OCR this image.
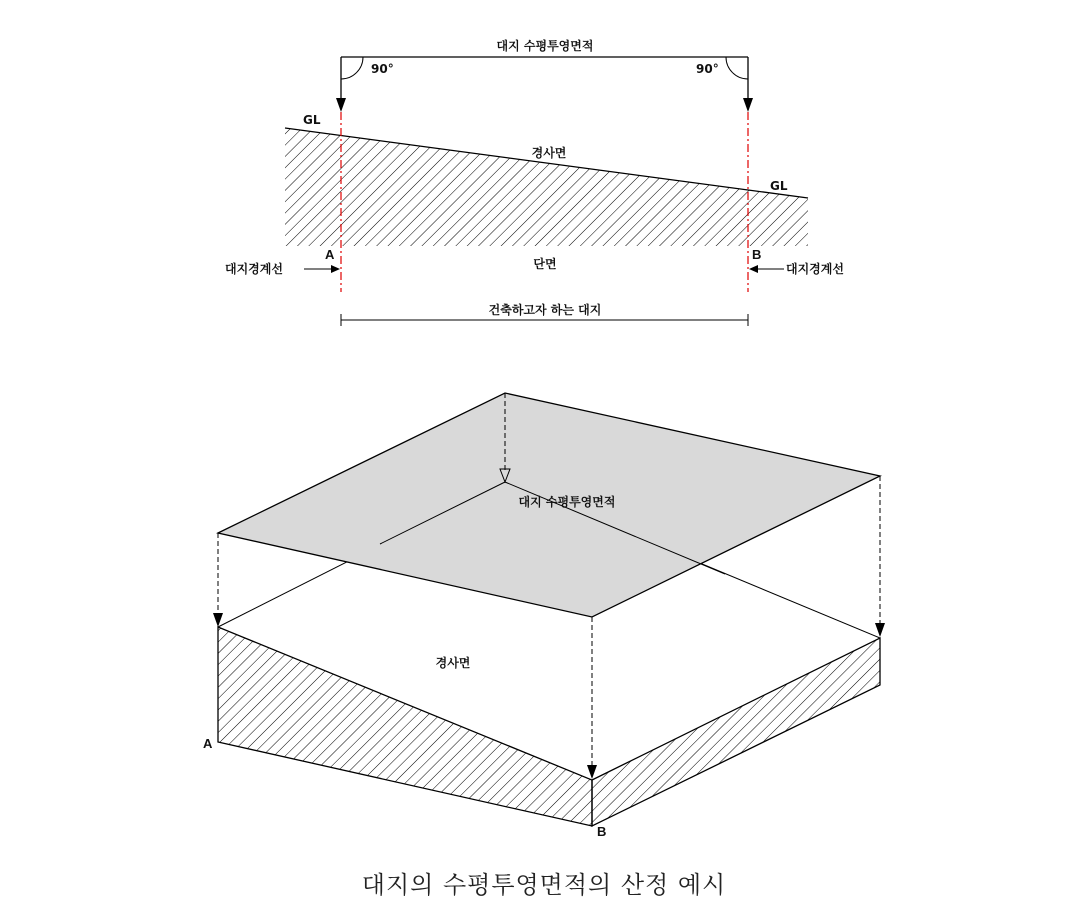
대지 수평투영면적
90°	90°
GL
GL
경사면
A	B
단면
대지경계선	대지경계선
건축하고자 하는 대지
대지 수평투영면적
경사면
A
B
대지의 수평투영면적의 산정 예시
